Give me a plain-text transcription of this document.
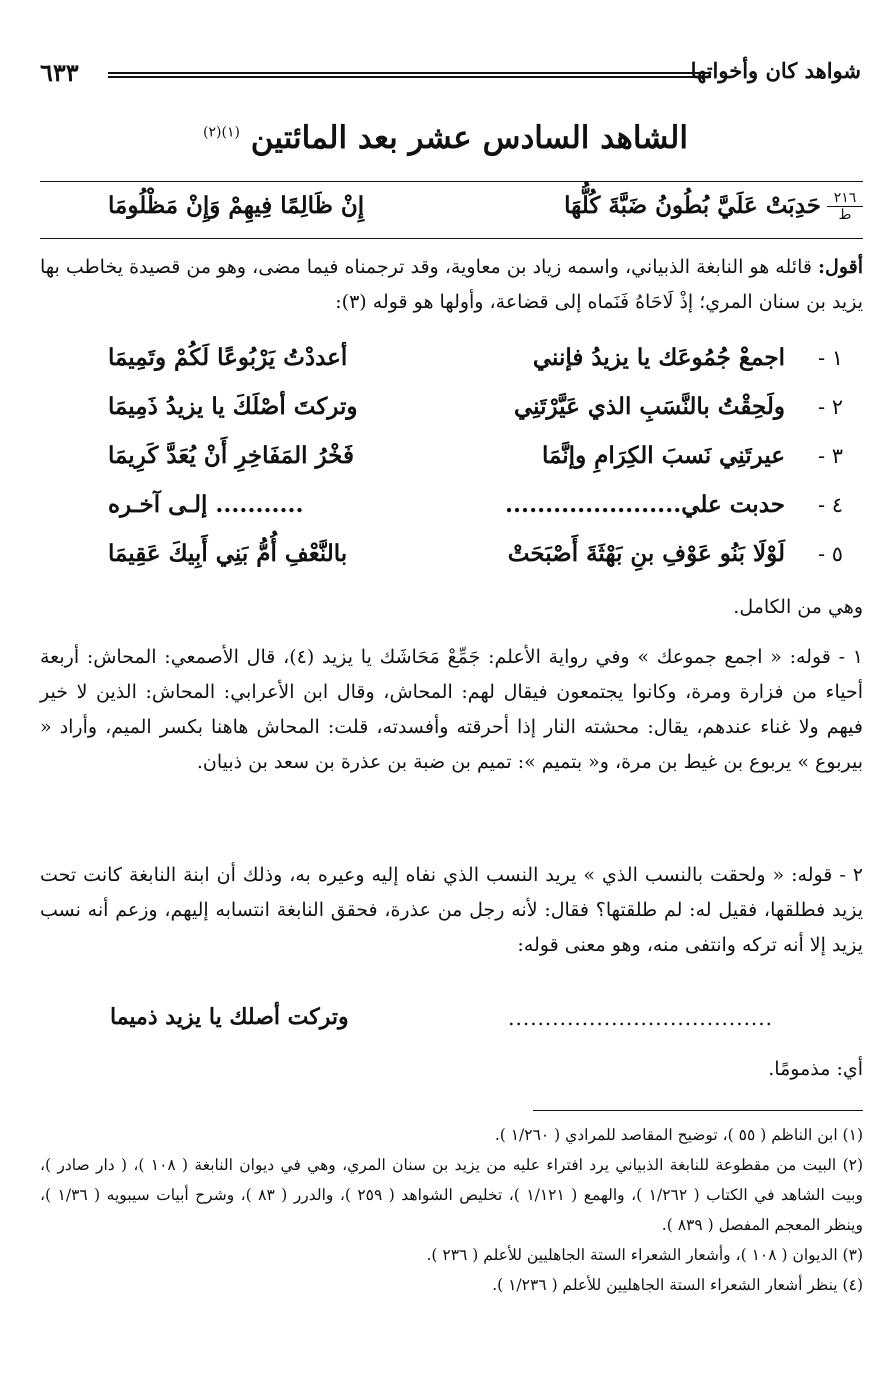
شواهد كان وأخواتها
٦٣٣
الشاهد السادس عشر بعد المائتين $^{(١)(٢)}$
٢١٦
ط
حَدِبَتْ عَلَيَّ بُطُونُ ضَبَّةَ كُلُّهَا
إِنْ ظَالِمًا فِيهِمْ وَإِنْ مَظْلُومَا
أقول: قائله هو النابغة الذبياني، واسمه زياد بن معاوية، وقد ترجمناه فيما مضى، وهو من قصيدة يخاطب بها يزيد بن سنان المري؛ إذْ لَاحَاهُ فَنَماه إلى قضاعة، وأولها هو قوله (٣):
١ -
اجمعْ جُمُوعَك يا يزيدُ فإنني
أعددْتُ يَرْبُوعًا لَكُمْ وتَمِيمَا
٢ -
ولَحِقْتُ بالنَّسَبِ الذي عَيَّرْتَنِي
وتركتَ أصْلَكَ يا يزيدُ ذَمِيمَا
٣ -
عيرتَنِي نَسبَ الكِرَامِ وإنَّمَا
فَخْرُ المَفَاخِرِ أَنْ يُعَدَّ كَرِيمَا
٤ -
حدبت علي......................
........... إلـى آخـره
٥ -
لَوْلَا بَنُو عَوْفِ بنِ بَهْثَةَ أَصْبَحَتْ
بالنَّعْفِ أُمُّ بَنِي أَبِيكَ عَقِيمَا
وهي من الكامل.
١ - قوله: « اجمع جموعك » وفي رواية الأعلم: جَمِّعْ مَحَاشَك يا يزيد (٤)، قال الأصمعي: المحاش: أربعة أحياء من فزارة ومرة، وكانوا يجتمعون فيقال لهم: المحاش، وقال ابن الأعرابي: المحاش: الذين لا خير فيهم ولا غناء عندهم، يقال: محشته النار إذا أحرقته وأفسدته، قلت: المحاش هاهنا بكسر الميم، وأراد « بيربوع » يربوع بن غيط بن مرة، و« بتميم »: تميم بن ضبة بن عذرة بن سعد بن ذبيان.
٢ - قوله: « ولحقت بالنسب الذي » يريد النسب الذي نفاه إليه وعيره به، وذلك أن ابنة النابغة كانت تحت يزيد فطلقها، فقيل له: لم طلقتها؟ فقال: لأنه رجل من عذرة، فحقق النابغة انتسابه إليهم، وزعم أنه نسب يزيد إلا أنه تركه وانتفى منه، وهو معنى قوله:
....................................
وتركت أصلك يا يزيد ذميما
أي: مذمومًا.
(١) ابن الناظم ( ٥٥ )، توضيح المقاصد للمرادي ( ١/٢٦٠ ).
(٢) البيت من مقطوعة للنابغة الذبياني يرد افتراء عليه من يزيد بن سنان المري، وهي في ديوان النابغة ( ١٠٨ )، ( دار صادر )، وبيت الشاهد في الكتاب ( ١/٢٦٢ )، والهمع ( ١/١٢١ )، تخليص الشواهد ( ٢٥٩ )، والدرر ( ٨٣ )، وشرح أبيات سيبويه ( ١/٣٦ )، وينظر المعجم المفصل ( ٨٣٩ ).
(٣) الديوان ( ١٠٨ )، وأشعار الشعراء الستة الجاهليين للأعلم ( ٢٣٦ ).
(٤) ينظر أشعار الشعراء الستة الجاهليين للأعلم ( ١/٢٣٦ ).
